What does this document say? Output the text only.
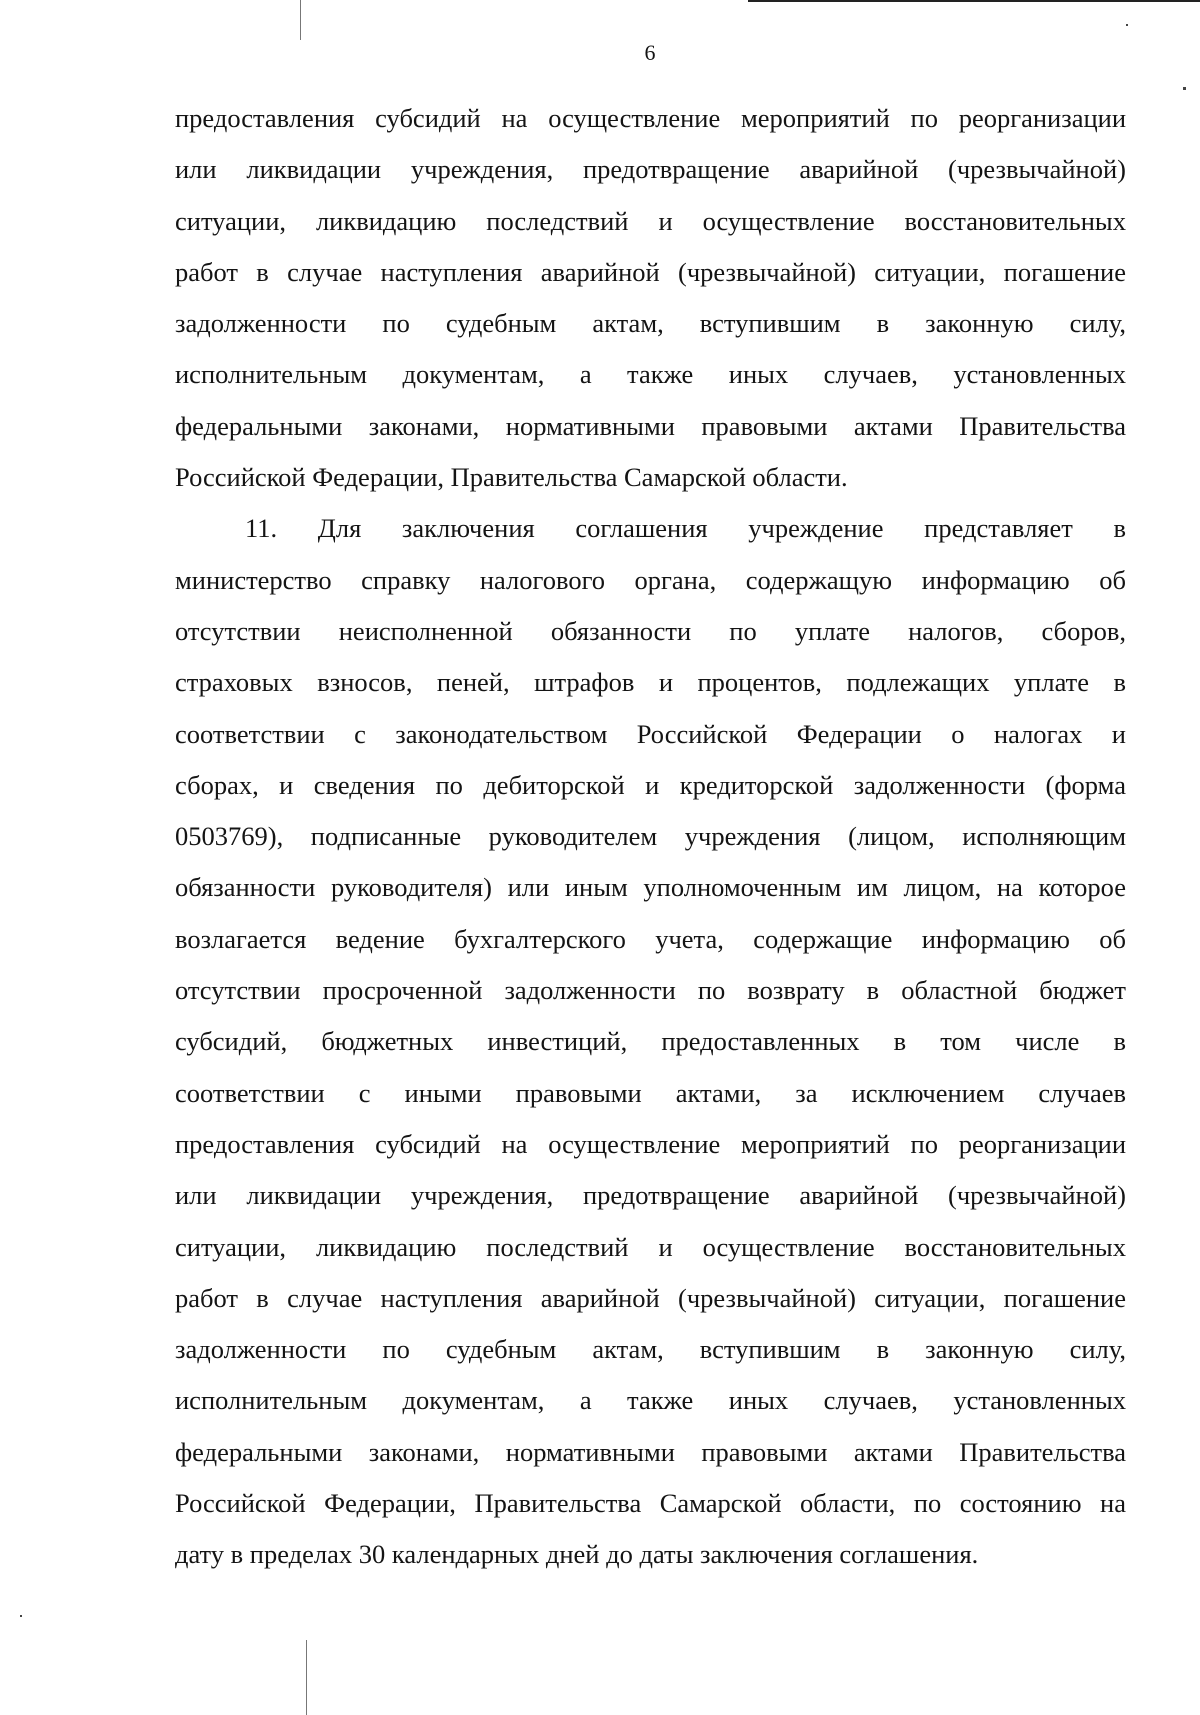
6
предоставления субсидий на осуществление мероприятий по реорганизации
или ликвидации учреждения, предотвращение аварийной (чрезвычайной)
ситуации, ликвидацию последствий и осуществление восстановительных
работ в случае наступления аварийной (чрезвычайной) ситуации, погашение
задолженности по судебным актам, вступившим в законную силу,
исполнительным документам, а также иных случаев, установленных
федеральными законами, нормативными правовыми актами Правительства
Российской Федерации, Правительства Самарской области.
11. Для заключения соглашения учреждение представляет в
министерство справку налогового органа, содержащую информацию об
отсутствии неисполненной обязанности по уплате налогов, сборов,
страховых взносов, пеней, штрафов и процентов, подлежащих уплате в
соответствии с законодательством Российской Федерации о налогах и
сборах, и сведения по дебиторской и кредиторской задолженности (форма
0503769), подписанные руководителем учреждения (лицом, исполняющим
обязанности руководителя) или иным уполномоченным им лицом, на которое
возлагается ведение бухгалтерского учета, содержащие информацию об
отсутствии просроченной задолженности по возврату в областной бюджет
субсидий, бюджетных инвестиций, предоставленных в том числе в
соответствии с иными правовыми актами, за исключением случаев
предоставления субсидий на осуществление мероприятий по реорганизации
или ликвидации учреждения, предотвращение аварийной (чрезвычайной)
ситуации, ликвидацию последствий и осуществление восстановительных
работ в случае наступления аварийной (чрезвычайной) ситуации, погашение
задолженности по судебным актам, вступившим в законную силу,
исполнительным документам, а также иных случаев, установленных
федеральными законами, нормативными правовыми актами Правительства
Российской Федерации, Правительства Самарской области, по состоянию на
дату в пределах 30 календарных дней до даты заключения соглашения.
